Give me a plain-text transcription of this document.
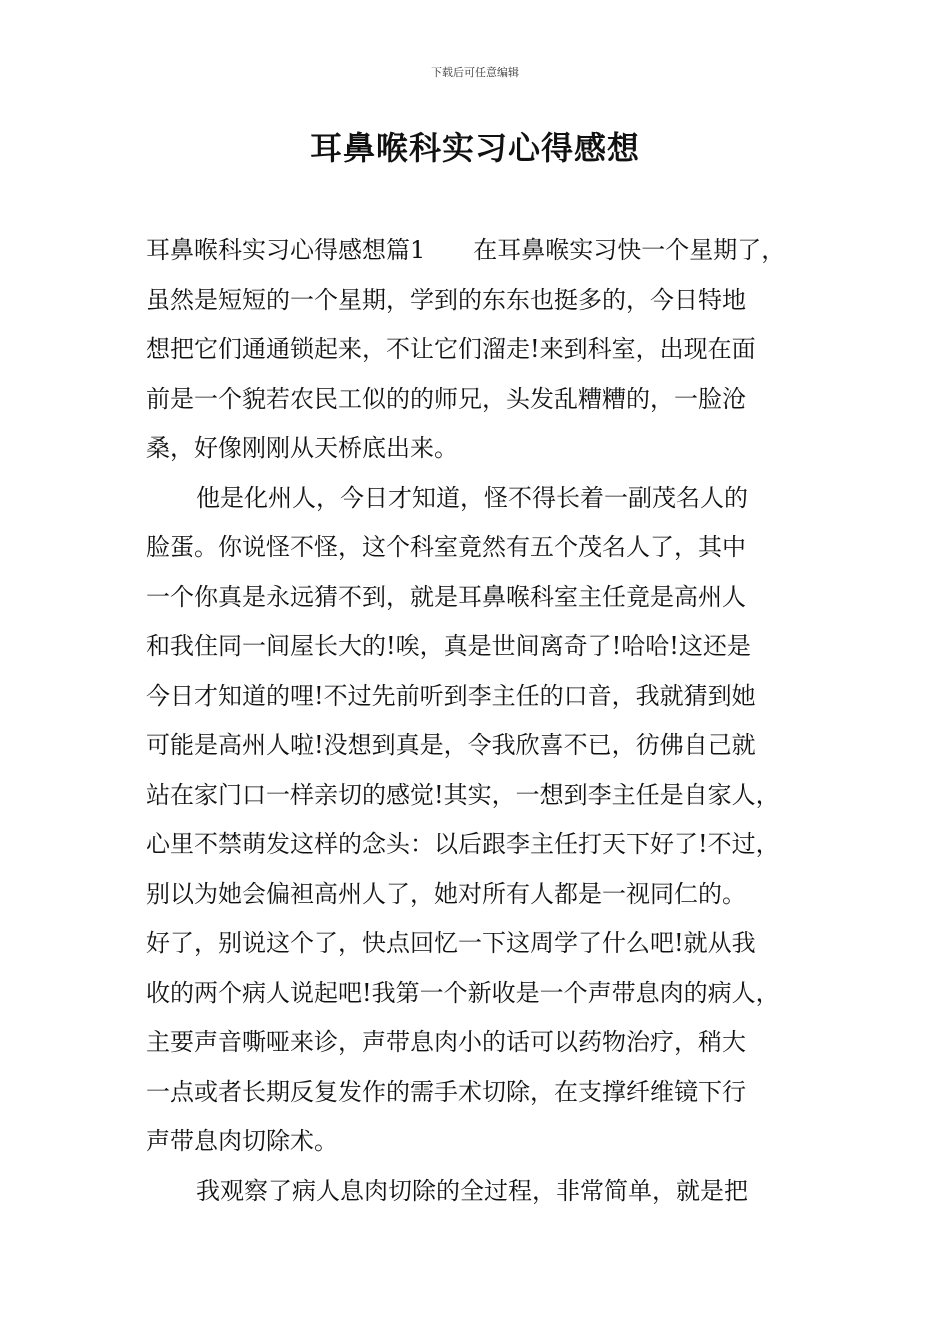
下载后可任意编辑
耳鼻喉科实习心得感想
耳鼻喉科实习心得感想篇1 在耳鼻喉实习快一个星期了，
虽然是短短的一个星期，学到的东东也挺多的，今日特地
想把它们通通锁起来，不让它们溜走!来到科室，出现在面
前是一个貌若农民工似的的师兄，头发乱糟糟的，一脸沧
桑，好像刚刚从天桥底出来。
他是化州人，今日才知道，怪不得长着一副茂名人的
脸蛋。你说怪不怪，这个科室竟然有五个茂名人了，其中
一个你真是永远猜不到，就是耳鼻喉科室主任竟是高州人
和我住同一间屋长大的!唉，真是世间离奇了!哈哈!这还是
今日才知道的哩!不过先前听到李主任的口音，我就猜到她
可能是高州人啦!没想到真是，令我欣喜不已，彷佛自己就
站在家门口一样亲切的感觉!其实，一想到李主任是自家人，
心里不禁萌发这样的念头：以后跟李主任打天下好了!不过，
别以为她会偏袒高州人了，她对所有人都是一视同仁的。
好了，别说这个了，快点回忆一下这周学了什么吧!就从我
收的两个病人说起吧!我第一个新收是一个声带息肉的病人，
主要声音嘶哑来诊，声带息肉小的话可以药物治疗，稍大
一点或者长期反复发作的需手术切除，在支撑纤维镜下行
声带息肉切除术。
我观察了病人息肉切除的全过程，非常简单，就是把
